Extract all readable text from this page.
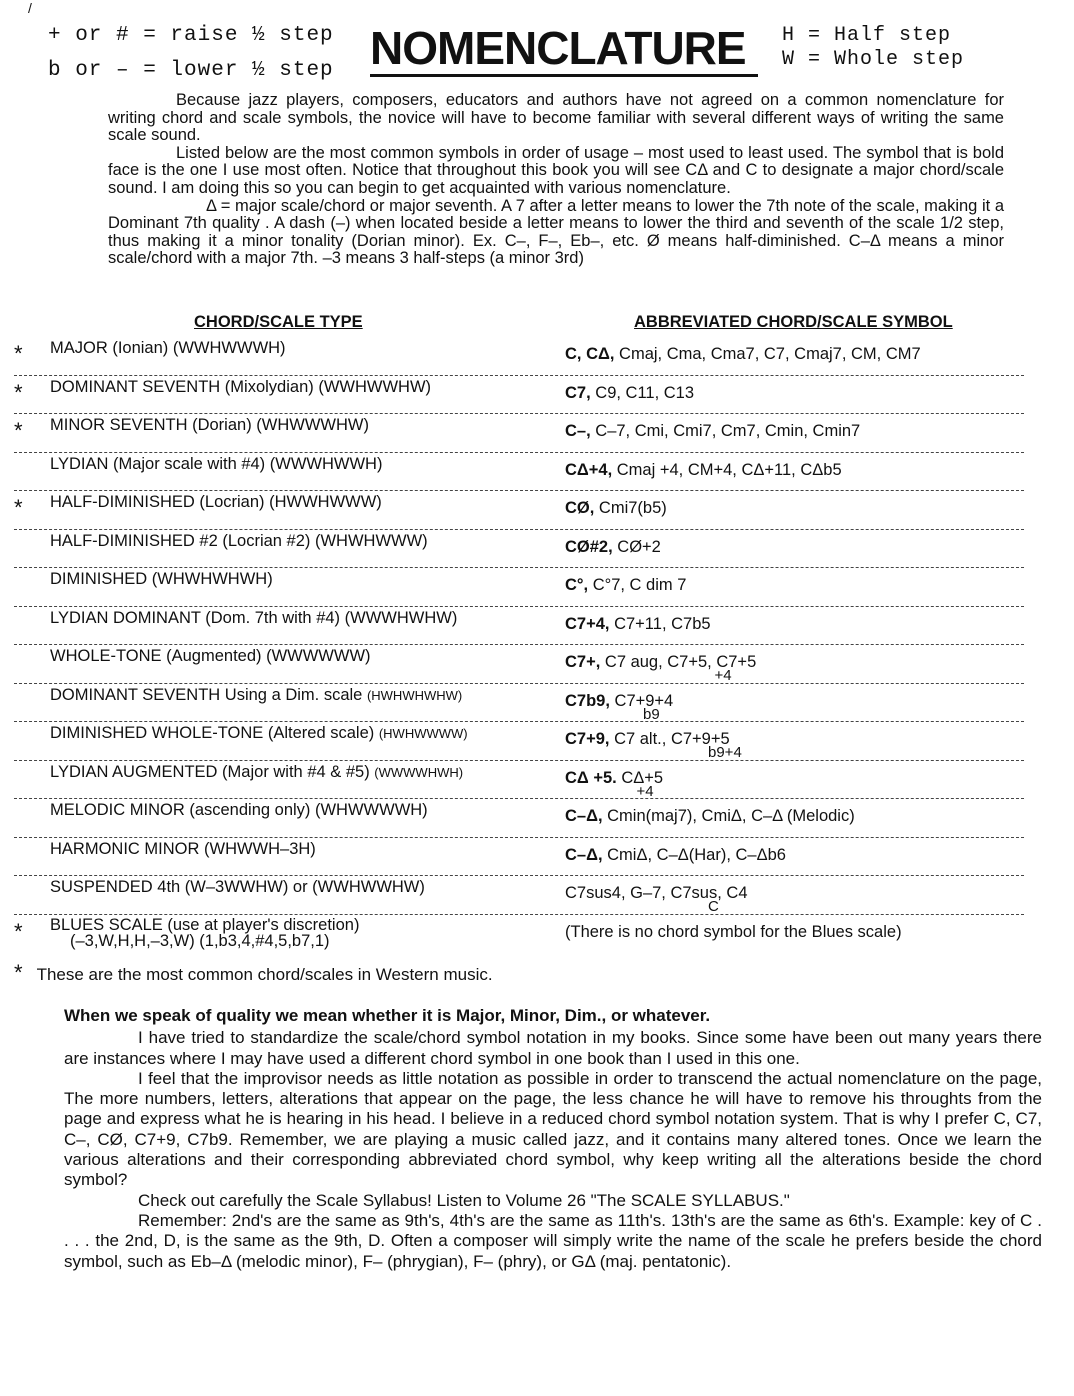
/
+ or # = raise ½ step
b or – = lower ½ step NOMENCLATURE	H = Half step
W = Whole step

Because jazz players, composers, educators and authors have not agreed on a common nomenclature for writing chord and scale symbols, the novice will have to become familiar with several different ways of writing the same scale sound.

Listed below are the most common symbols in order of usage – most used to least used. The symbol that is bold face is the one I use most often. Notice that throughout this book you will see CΔ and C to designate a major chord/scale sound. I am doing this so you can begin to get acquainted with various nomenclature.

Δ = major scale/chord or major seventh. A 7 after a letter means to lower the 7th note of the scale, making it a Dominant 7th quality . A dash (–) when located beside a letter means to lower the third and seventh of the scale 1/2 step, thus making it a minor tonality (Dorian minor). Ex. C–, F–, Eb–, etc. Ø means half-diminished. C–Δ means a minor scale/chord with a major 7th. –3 means 3 half-steps (a minor 3rd)

CHORD/SCALE TYPE	ABBREVIATED CHORD/SCALE SYMBOL
* MAJOR (Ionian) (WWHWWWH)	C, CΔ, Cmaj, Cma, Cma7, C7, Cmaj7, CM, CM7
* DOMINANT SEVENTH (Mixolydian) (WWHWWHW)	C7, C9, C11, C13
* MINOR SEVENTH (Dorian) (WHWWWHW)	C–, C–7, Cmi, Cmi7, Cm7, Cmin, Cmin7
LYDIAN (Major scale with #4) (WWWHWWH)	CΔ+4, Cmaj +4, CM+4, CΔ+11, CΔb5
* HALF-DIMINISHED (Locrian) (HWWHWWW)	CØ, Cmi7(b5)
HALF-DIMINISHED #2 (Locrian #2) (WHWHWWW)	CØ#2, CØ+2
DIMINISHED (WHWHWHWH)	C°, C°7, C dim 7
LYDIAN DOMINANT (Dom. 7th with #4) (WWWHWHW)	C7+4, C7+11, C7b5
WHOLE-TONE (Augmented) (WWWWWW)	C7+, C7 aug, C7+5, C7+5
+4
DOMINANT SEVENTH Using a Dim. scale (HWHWHWHW)	C7b9, C7+9+4
b9
DIMINISHED WHOLE-TONE (Altered scale) (HWHWWWW)	C7+9, C7 alt., C7+9+5
b9+4
LYDIAN AUGMENTED (Major with #4 & #5) (WWWWHWH)	CΔ +5. CΔ+5
+4
MELODIC MINOR (ascending only) (WHWWWWH)	C–Δ, Cmin(maj7), CmiΔ, C–Δ (Melodic)
HARMONIC MINOR (WHWWH–3H)	C–Δ, CmiΔ, C–Δ(Har), C–Δb6
SUSPENDED 4th (W–3WWHW) or (WWHWWHW)	C7sus4, G–7, C7sus, C4
C
* BLUES SCALE (use at player's discretion)
(–3,W,H,H,–3,W) (1,b3,4,#4,5,b7,1)	(There is no chord symbol for the Blues scale)
* These are the most common chord/scales in Western music.
When we speak of quality we mean whether it is Major, Minor, Dim., or whatever.

I have tried to standardize the scale/chord symbol notation in my books. Since some have been out many years there are instances where I may have used a different chord symbol in one book than I used in this one.

I feel that the improvisor needs as little notation as possible in order to transcend the actual nomenclature on the page, The more numbers, letters, alterations that appear on the page, the less chance he will have to remove his throughts from the page and express what he is hearing in his head. I believe in a reduced chord symbol notation system. That is why I prefer C, C7, C–, CØ, C7+9, C7b9. Remember, we are playing a music called jazz, and it contains many altered tones. Once we learn the various alterations and their corresponding abbreviated chord symbol, why keep writing all the alterations beside the chord symbol?

Check out carefully the Scale Syllabus! Listen to Volume 26 "The SCALE SYLLABUS."

Remember: 2nd's are the same as 9th's, 4th's are the same as 11th's. 13th's are the same as 6th's. Example: key of C . . . . the 2nd, D, is the same as the 9th, D. Often a composer will simply write the name of the scale he prefers beside the chord symbol, such as Eb–Δ (melodic minor), F– (phrygian), F– (phry), or GΔ (maj. pentatonic).
